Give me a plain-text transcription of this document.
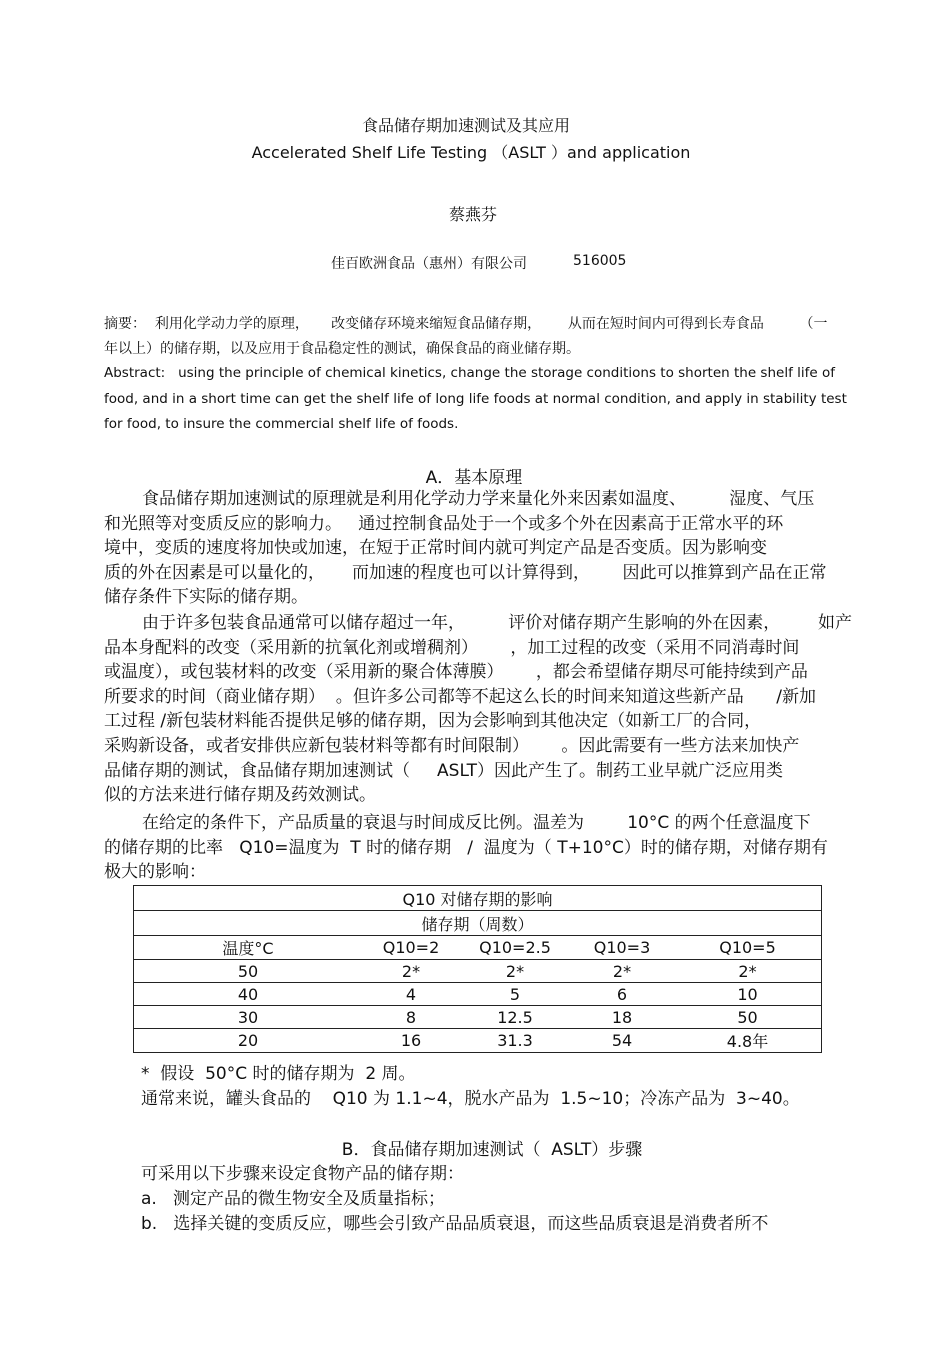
食品储存期加速测试及其应用
Accelerated Shelf Life Testing （ASLT ）and application
蔡燕芬
佳百欧洲食品（惠州）有限公司	516005
摘要：  利用化学动力学的原理，     改变储存环境来缩短食品储存期，      从而在短时间内可得到长寿食品        （一
年以上）的储存期，以及应用于食品稳定性的测试，确保食品的商业储存期。
Abstract:   using the principle of chemical kinetics, change the storage conditions to shorten the shelf life of
food, and in a short time can get the shelf life of long life foods at normal condition, and apply in stability test
for food, to insure the commercial shelf life of foods.
A．基本原理

食品储存期加速测试的原理就是利用化学动力学来量化外来因素如温度、        湿度、气压

和光照等对变质反应的影响力。   通过控制食品处于一个或多个外在因素高于正常水平的环

境中，变质的速度将加快或加速，在短于正常时间内就可判定产品是否变质。因为影响变

质的外在因素是可以量化的，     而加速的程度也可以计算得到，      因此可以推算到产品在正常

储存条件下实际的储存期。

由于许多包装食品通常可以储存超过一年，        评价对储存期产生影响的外在因素，       如产

品本身配料的改变（采用新的抗氧化剂或增稠剂）      ，加工过程的改变（采用不同消毒时间

或温度），或包装材料的改变（采用新的聚合体薄膜）      ，都会希望储存期尽可能持续到产品

所要求的时间（商业储存期）  。但许多公司都等不起这么长的时间来知道这些新产品      /新加

工过程 /新包装材料能否提供足够的储存期，因为会影响到其他决定（如新工厂的合同，

采购新设备，或者安排供应新包装材料等都有时间限制）      。因此需要有一些方法来加快产

品储存期的测试，食品储存期加速测试（     ASLT）因此产生了。制药工业早就广泛应用类

似的方法来进行储存期及药效测试。

在给定的条件下，产品质量的衰退与时间成反比例。温差为        10°C 的两个任意温度下

的储存期的比率   Q10=温度为  T 时的储存期   /  温度为（ T+10°C）时的储存期，对储存期有

极大的影响：

Q10 对储存期的影响				
储存期（周数）				
温度°C	Q10=2	Q10=2.5	Q10=3	Q10=5
50	2*	2*	2*	2*
40	4	5	6	10
30	8	12.5	18	50
20	16	31.3	54	4.8年
*  假设  50°C 时的储存期为  2 周。
通常来说，罐头食品的    Q10 为 1.1~4，脱水产品为  1.5~10；冷冻产品为  3~40。
B．食品储存期加速测试（  ASLT）步骤
可采用以下步骤来设定食物产品的储存期：
a.   测定产品的微生物安全及质量指标；
b.   选择关键的变质反应，哪些会引致产品品质衰退，而这些品质衰退是消费者所不
